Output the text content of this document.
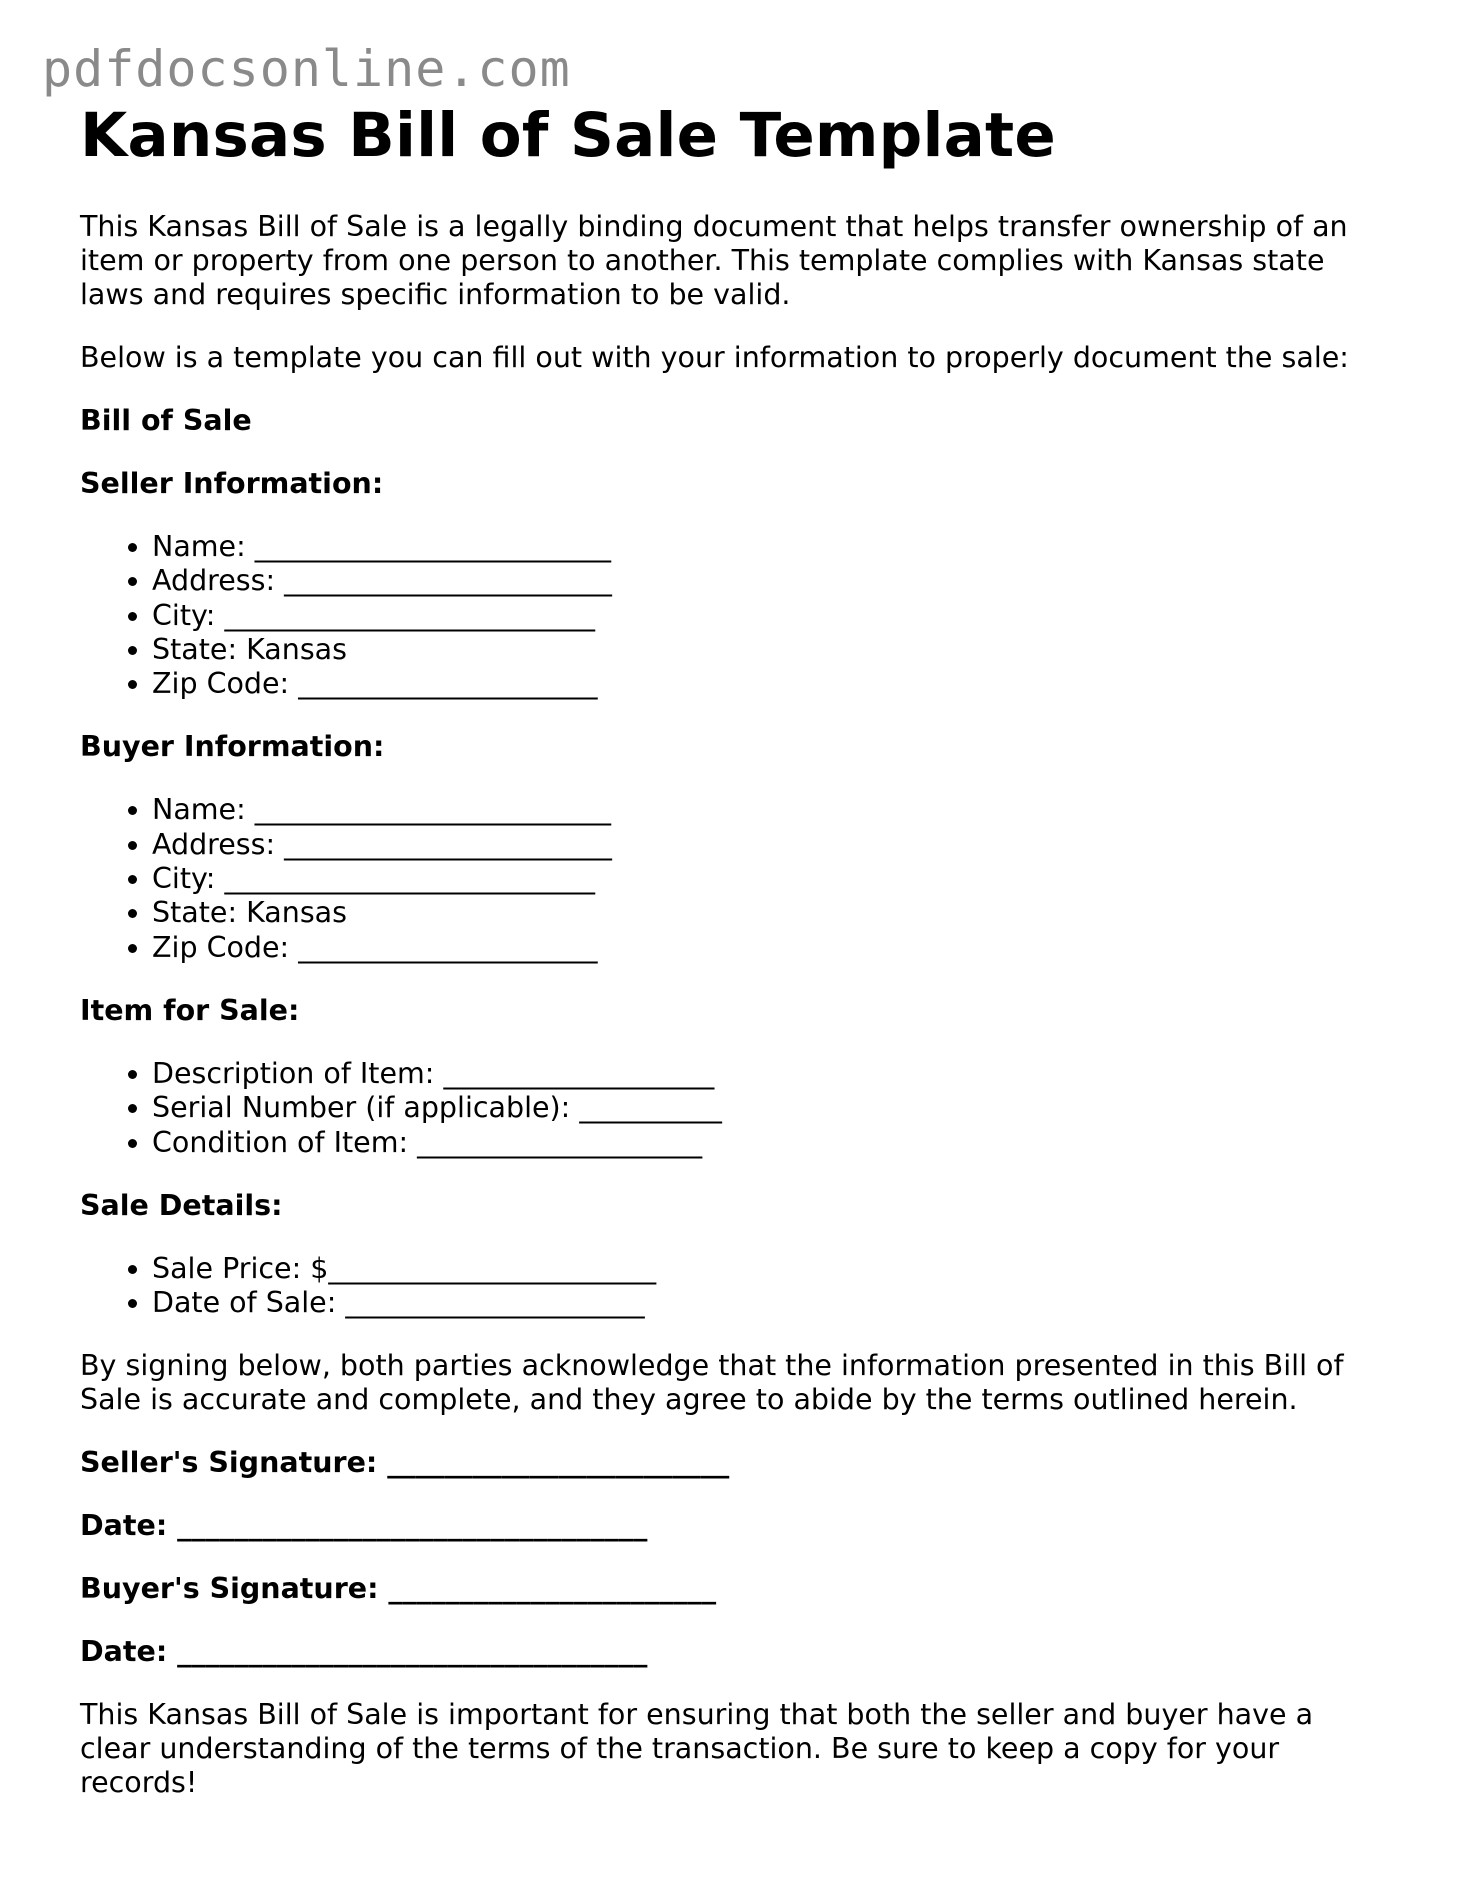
pdfdocsonline.com
Kansas Bill of Sale Template

This Kansas Bill of Sale is a legally binding document that helps transfer ownership of an item or property from one person to another. This template complies with Kansas state laws and requires specific information to be valid.

Below is a template you can fill out with your information to properly document the sale:

Bill of Sale
Seller Information:
• Name: _________________________
• Address: _______________________
• City: __________________________
• State: Kansas
• Zip Code: _____________________
Buyer Information:
• Name: _________________________
• Address: _______________________
• City: __________________________
• State: Kansas
• Zip Code: _____________________
Item for Sale:
• Description of Item: ___________________
• Serial Number (if applicable): __________
• Condition of Item: ____________________
Sale Details:
• Sale Price: $_______________________
• Date of Sale: _____________________

By signing below, both parties acknowledge that the information presented in this Bill of Sale is accurate and complete, and they agree to abide by the terms outlined herein.

Seller's Signature: ________________________
Date: _________________________________
Buyer's Signature: _______________________
Date: _________________________________

This Kansas Bill of Sale is important for ensuring that both the seller and buyer have a clear understanding of the terms of the transaction. Be sure to keep a copy for your records!
